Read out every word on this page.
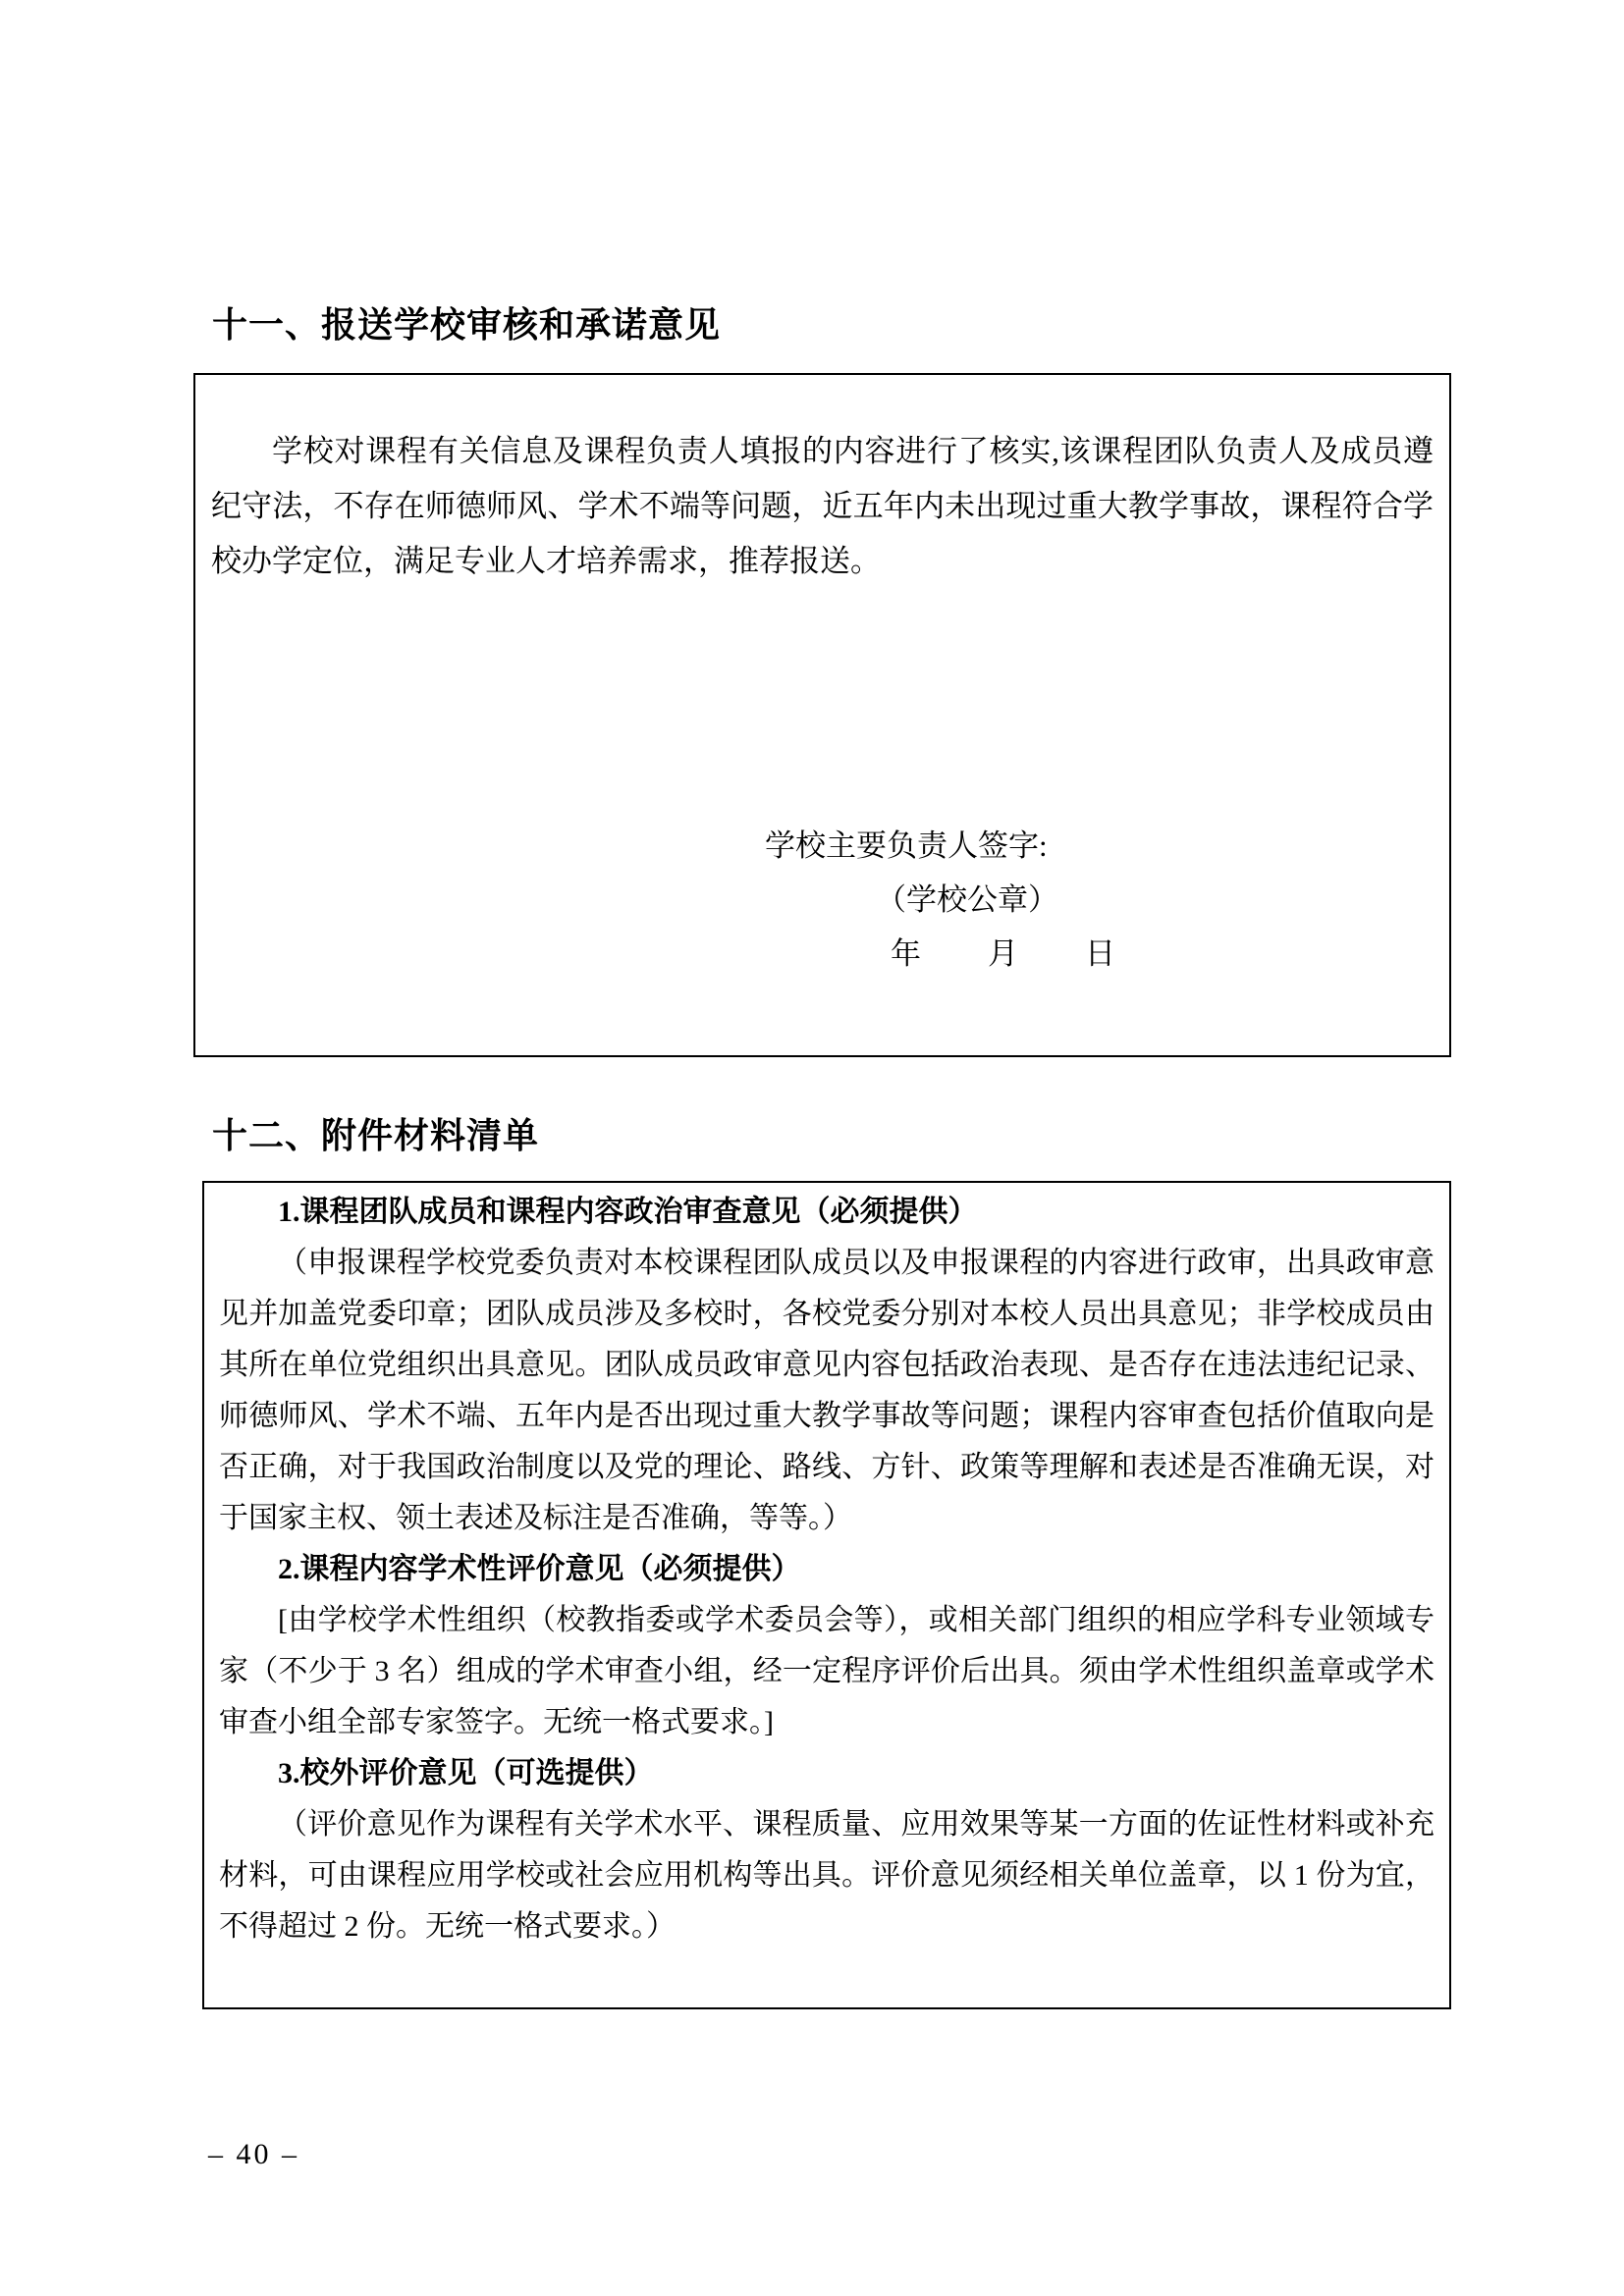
十一、报送学校审核和承诺意见
学校对课程有关信息及课程负责人填报的内容进行了核实,该课程团队负责人及成员遵纪守法，不存在师德师风、学术不端等问题，近五年内未出现过重大教学事故，课程符合学校办学定位，满足专业人才培养需求，推荐报送。
学校主要负责人签字:
（学校公章）
年　　月　　日
十二、附件材料清单

1.课程团队成员和课程内容政治审查意见（必须提供）

（申报课程学校党委负责对本校课程团队成员以及申报课程的内容进行政审，出具政审意见并加盖党委印章；团队成员涉及多校时，各校党委分别对本校人员出具意见；非学校成员由其所在单位党组织出具意见。团队成员政审意见内容包括政治表现、是否存在违法违纪记录、师德师风、学术不端、五年内是否出现过重大教学事故等问题；课程内容审查包括价值取向是否正确，对于我国政治制度以及党的理论、路线、方针、政策等理解和表述是否准确无误，对于国家主权、领土表述及标注是否准确，等等。）

2.课程内容学术性评价意见（必须提供）

[由学校学术性组织（校教指委或学术委员会等），或相关部门组织的相应学科专业领域专家（不少于 3 名）组成的学术审查小组，经一定程序评价后出具。须由学术性组织盖章或学术审查小组全部专家签字。无统一格式要求。]

3.校外评价意见（可选提供）

（评价意见作为课程有关学术水平、课程质量、应用效果等某一方面的佐证性材料或补充材料，可由课程应用学校或社会应用机构等出具。评价意见须经相关单位盖章，以 1 份为宜，不得超过 2 份。无统一格式要求。）

– 40 –
